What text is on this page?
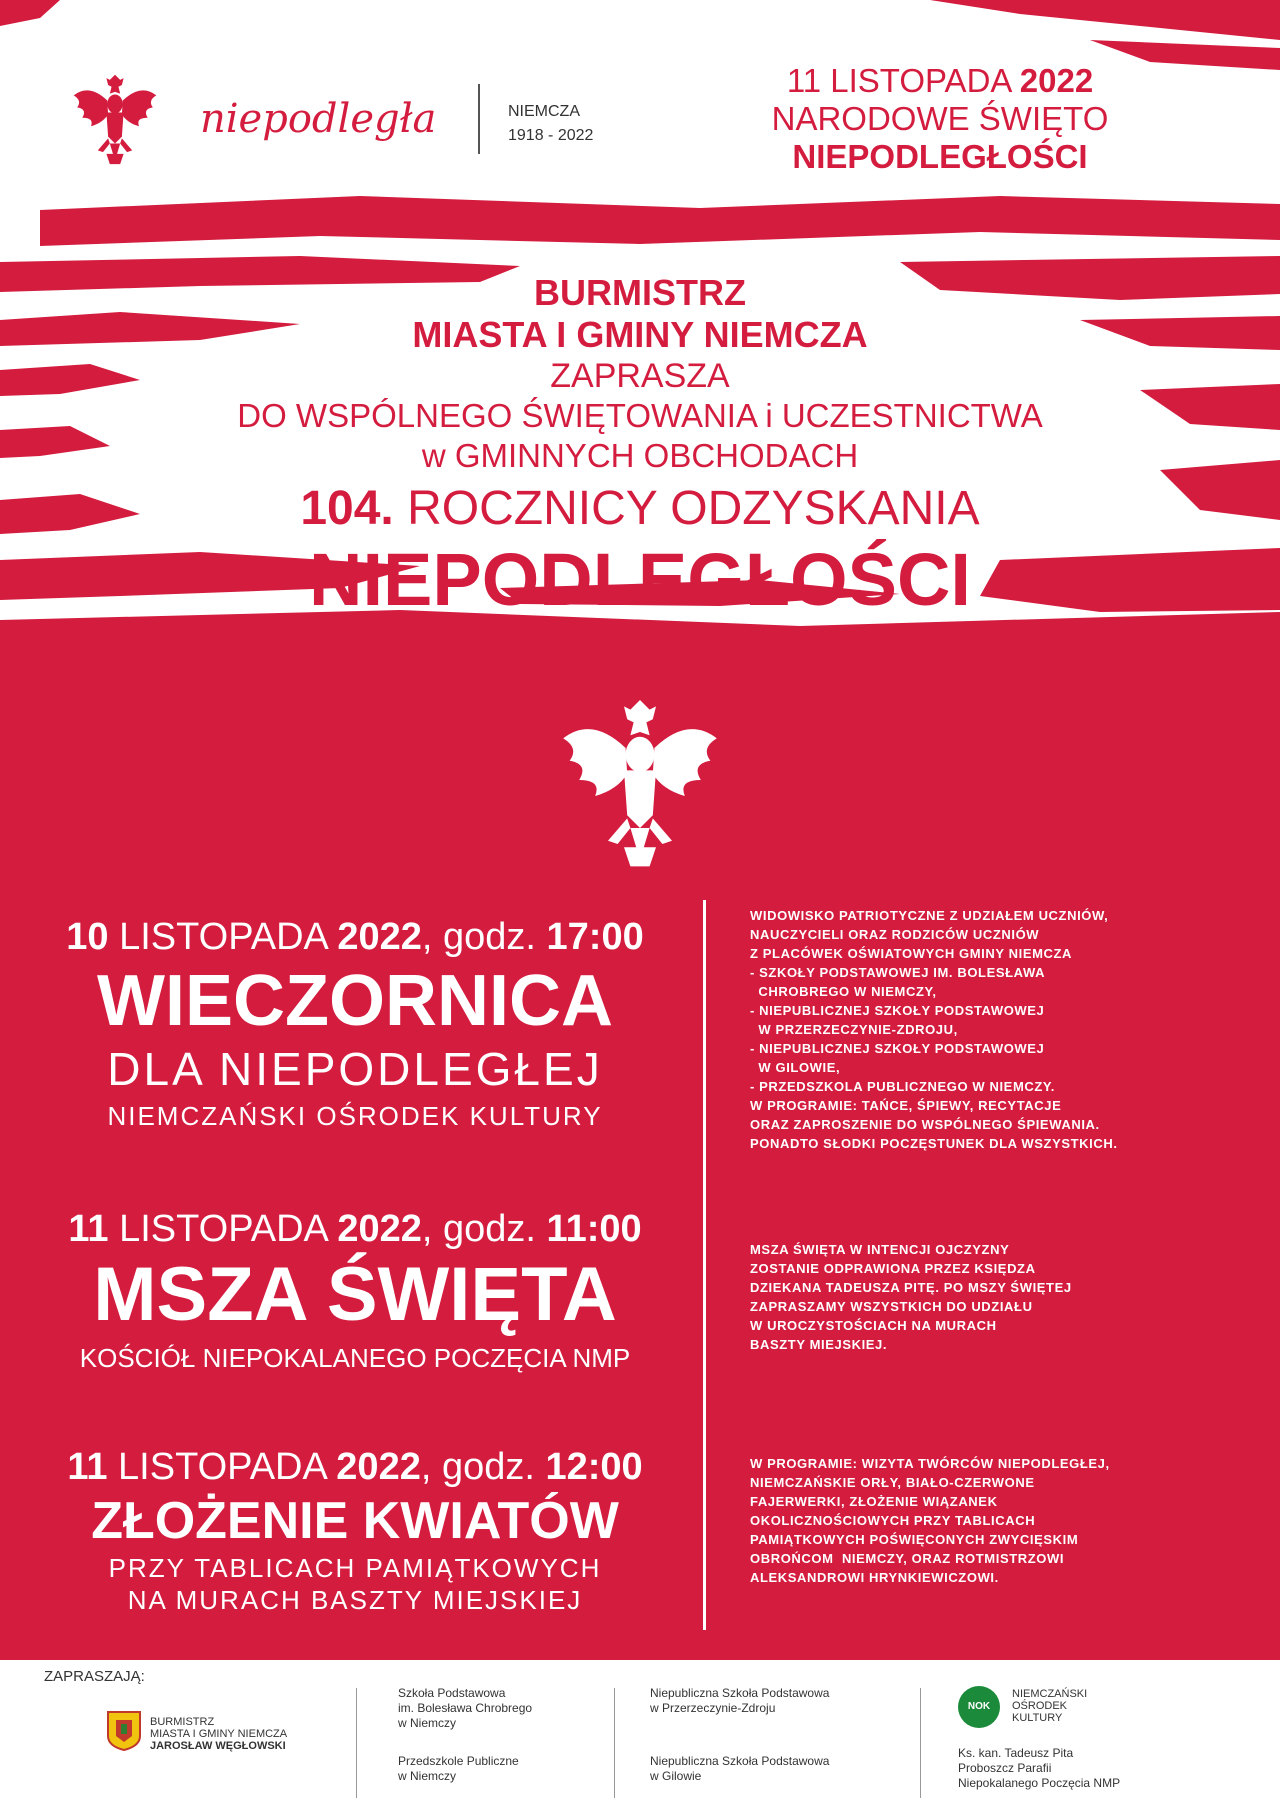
niepodległa	NIEMCZA
1918 - 2022
11 LISTOPADA 2022
NARODOWE ŚWIĘTO
NIEPODLEGŁOŚCI
BURMISTRZ
MIASTA I GMINY NIEMCZA
ZAPRASZA
DO WSPÓLNEGO ŚWIĘTOWANIA i UCZESTNICTWA
w GMINNYCH OBCHODACH
104. ROCZNICY ODZYSKANIA
NIEPODLEGŁOŚCI
10 LISTOPADA 2022, godz. 17:00
WIECZORNICA
DLA NIEPODLEGŁEJ
NIEMCZAŃSKI OŚRODEK KULTURY
WIDOWISKO PATRIOTYCZNE Z UDZIAŁEM UCZNIÓW,
NAUCZYCIELI ORAZ RODZICÓW UCZNIÓW
Z PLACÓWEK OŚWIATOWYCH GMINY NIEMCZA
- SZKOŁY PODSTAWOWEJ IM. BOLESŁAWA
CHROBREGO W NIEMCZY,
- NIEPUBLICZNEJ SZKOŁY PODSTAWOWEJ
W PRZERZECZYNIE-ZDROJU,
- NIEPUBLICZNEJ SZKOŁY PODSTAWOWEJ
W GILOWIE,
- PRZEDSZKOLA PUBLICZNEGO W NIEMCZY.
W PROGRAMIE: TAŃCE, ŚPIEWY, RECYTACJE
ORAZ ZAPROSZENIE DO WSPÓLNEGO ŚPIEWANIA.
PONADTO SŁODKI POCZĘSTUNEK DLA WSZYSTKICH.
11 LISTOPADA 2022, godz. 11:00
MSZA ŚWIĘTA
KOŚCIÓŁ NIEPOKALANEGO POCZĘCIA NMP
MSZA ŚWIĘTA W INTENCJI OJCZYZNY
ZOSTANIE ODPRAWIONA PRZEZ KSIĘDZA
DZIEKANA TADEUSZA PITĘ. PO MSZY ŚWIĘTEJ
ZAPRASZAMY WSZYSTKICH DO UDZIAŁU
W UROCZYSTOŚCIACH NA MURACH
BASZTY MIEJSKIEJ.
11 LISTOPADA 2022, godz. 12:00
ZŁOŻENIE KWIATÓW
PRZY TABLICACH PAMIĄTKOWYCH
NA MURACH BASZTY MIEJSKIEJ
W PROGRAMIE: WIZYTA TWÓRCÓW NIEPODLEGŁEJ,
NIEMCZAŃSKIE ORŁY, BIAŁO-CZERWONE
FAJERWERKI, ZŁOŻENIE WIĄZANEK
OKOLICZNOŚCIOWYCH PRZY TABLICACH
PAMIĄTKOWYCH POŚWIĘCONYCH ZWYCIĘSKIM
OBROŃCOM  NIEMCZY, ORAZ ROTMISTRZOWI
ALEKSANDROWI HRYNKIEWICZOWI.
ZAPRASZAJĄ:
BURMISTRZ
MIASTA I GMINY NIEMCZA
JAROSŁAW WĘGŁOWSKI
Szkoła Podstawowa
im. Bolesława Chrobrego
w Niemczy
Przedszkole Publiczne
w Niemczy
Niepubliczna Szkoła Podstawowa
w Przerzeczynie-Zdroju
Niepubliczna Szkoła Podstawowa
w Gilowie
NOK
NIEMCZAŃSKI
OŚRODEK
KULTURY
Ks. kan. Tadeusz Pita
Proboszcz Parafii
Niepokalanego Poczęcia NMP
